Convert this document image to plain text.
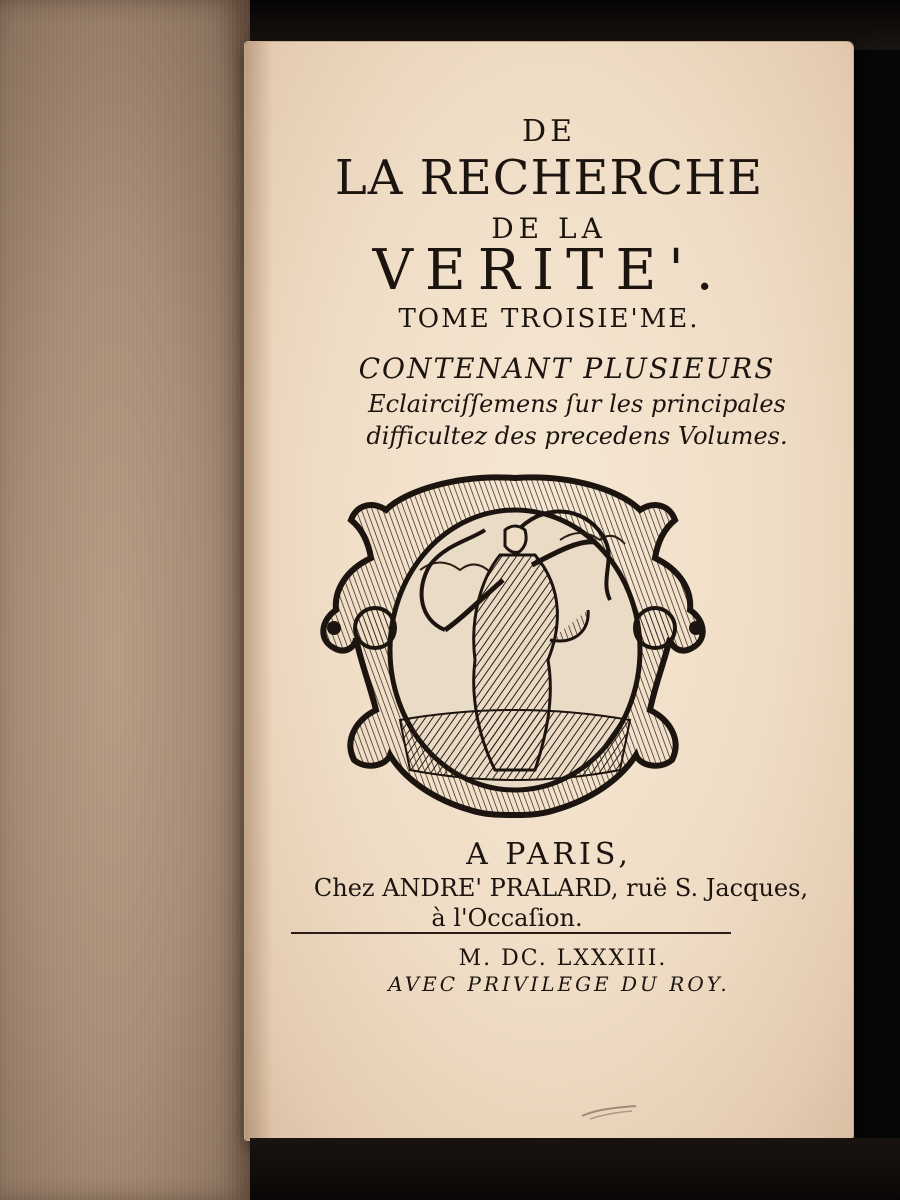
DE

LA RECHERCHE

DE LA

VERITE'.

TOME TROISIE'ME.

CONTENANT PLUSIEURS

Eclairciſſemens ſur les principales

difficultez des precedens Volumes.

A PARIS,

Chez ANDRE' PRALARD, ruë S. Jacques,

à l'Occaſion.

M. DC. LXXXIII.

AVEC PRIVILEGE DU ROY.
